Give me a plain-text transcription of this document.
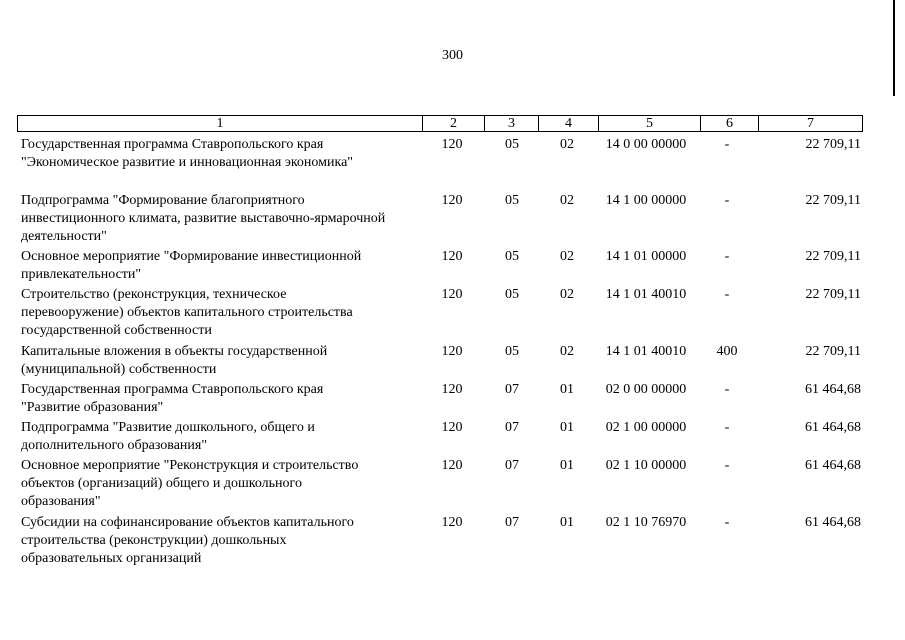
300
1	2	3	4	5	6	7
Государственная программа Ставропольского края
"Экономическое развитие и инновационная экономика"
120	05	02	14 0 00 00000	-	22 709,11
Подпрограмма "Формирование благоприятного
инвестиционного климата, развитие выставочно-ярмарочной
деятельности"
120	05	02	14 1 00 00000	-	22 709,11
Основное мероприятие "Формирование инвестиционной
привлекательности"
120	05	02	14 1 01 00000	-	22 709,11
Строительство (реконструкция, техническое
перевооружение) объектов капитального строительства
государственной собственности
120	05	02	14 1 01 40010	-	22 709,11
Капитальные вложения в объекты государственной
(муниципальной) собственности
120	05	02	14 1 01 40010	400	22 709,11
Государственная программа Ставропольского края
"Развитие образования"
120	07	01	02 0 00 00000	-	61 464,68
Подпрограмма "Развитие дошкольного, общего и
дополнительного образования"
120	07	01	02 1 00 00000	-	61 464,68
Основное мероприятие "Реконструкция и строительство
объектов (организаций) общего и дошкольного
образования"
120	07	01	02 1 10 00000	-	61 464,68
Субсидии на софинансирование объектов капитального
строительства (реконструкции) дошкольных
образовательных организаций
120	07	01	02 1 10 76970	-	61 464,68
